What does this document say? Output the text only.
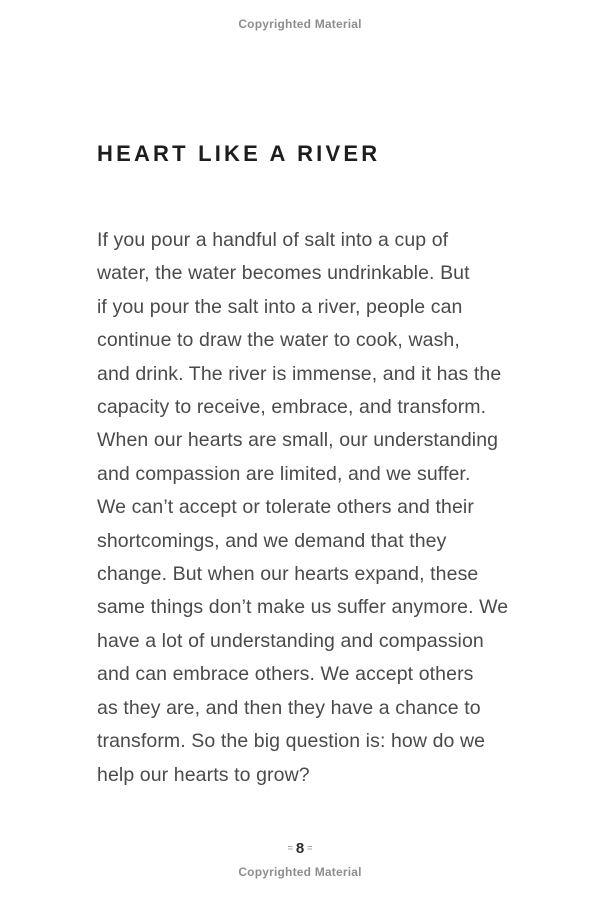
Copyrighted Material
HEART LIKE A RIVER
If you pour a handful of salt into a cup of
water, the water becomes undrinkable. But
if you pour the salt into a river, people can
continue to draw the water to cook, wash,
and drink. The river is immense, and it has the
capacity to receive, embrace, and transform.
When our hearts are small, our understanding
and compassion are limited, and we suffer.
We can’t accept or tolerate others and their
shortcomings, and we demand that they
change. But when our hearts expand, these
same things don’t make us suffer anymore. We
have a lot of understanding and compassion
and can embrace others. We accept others
as they are, and then they have a chance to
transform. So the big question is: how do we
help our hearts to grow?
= 8 =
Copyrighted Material
